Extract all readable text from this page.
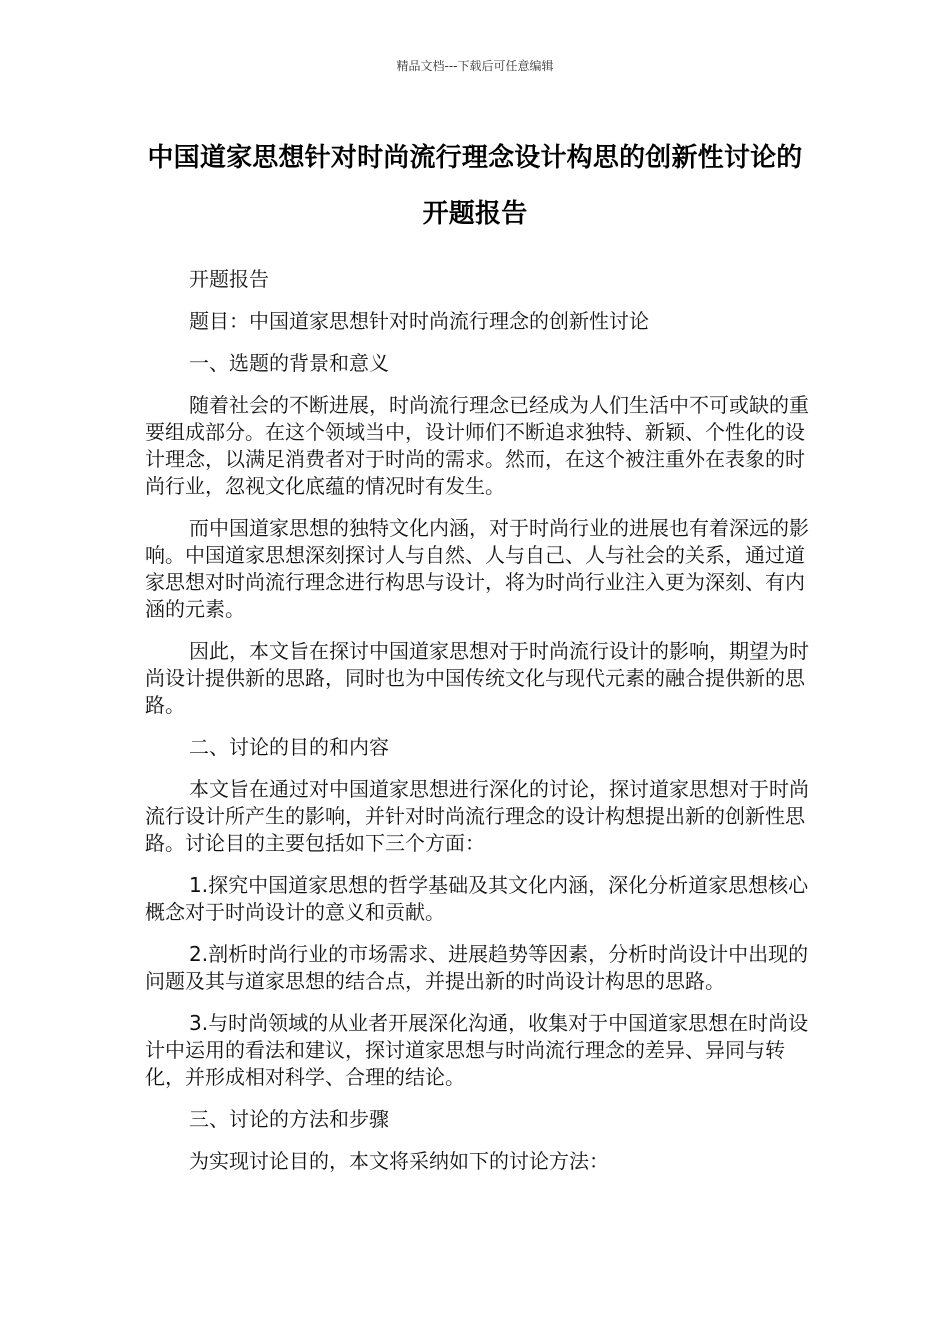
精品文档---下载后可任意编辑
中国道家思想针对时尚流行理念设计构思的创新性讨论的开题报告

开题报告

题目：中国道家思想针对时尚流行理念的创新性讨论

一、选题的背景和意义

随着社会的不断进展，时尚流行理念已经成为人们生活中不可或缺的重要组成部分。在这个领域当中，设计师们不断追求独特、新颖、个性化的设计理念，以满足消费者对于时尚的需求。然而，在这个被注重外在表象的时尚行业，忽视文化底蕴的情况时有发生。

而中国道家思想的独特文化内涵，对于时尚行业的进展也有着深远的影响。中国道家思想深刻探讨人与自然、人与自己、人与社会的关系，通过道家思想对时尚流行理念进行构思与设计，将为时尚行业注入更为深刻、有内涵的元素。

因此，本文旨在探讨中国道家思想对于时尚流行设计的影响，期望为时尚设计提供新的思路，同时也为中国传统文化与现代元素的融合提供新的思路。

二、讨论的目的和内容

本文旨在通过对中国道家思想进行深化的讨论，探讨道家思想对于时尚流行设计所产生的影响，并针对时尚流行理念的设计构想提出新的创新性思路。讨论目的主要包括如下三个方面：

1.探究中国道家思想的哲学基础及其文化内涵，深化分析道家思想核心概念对于时尚设计的意义和贡献。

2.剖析时尚行业的市场需求、进展趋势等因素，分析时尚设计中出现的问题及其与道家思想的结合点，并提出新的时尚设计构思的思路。

3.与时尚领域的从业者开展深化沟通，收集对于中国道家思想在时尚设计中运用的看法和建议，探讨道家思想与时尚流行理念的差异、异同与转化，并形成相对科学、合理的结论。

三、讨论的方法和步骤

为实现讨论目的，本文将采纳如下的讨论方法：
